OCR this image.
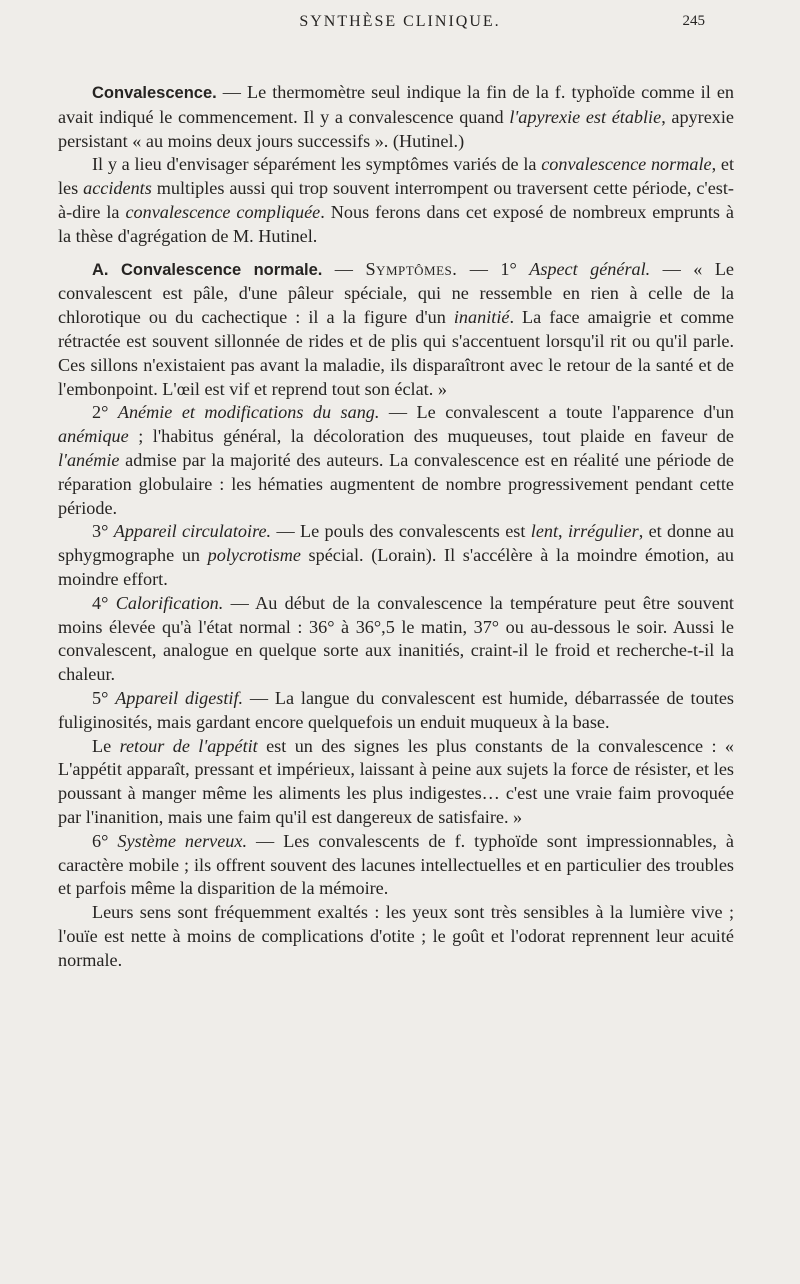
SYNTHÈSE CLINIQUE.	245

Convalescence. — Le thermomètre seul indique la fin de la f. typhoïde comme il en avait indiqué le commencement. Il y a convalescence quand l'apyrexie est établie, apyrexie persistant « au moins deux jours successifs ». (Hutinel.)

Il y a lieu d'envisager séparément les symptômes variés de la convalescence normale, et les accidents multiples aussi qui trop souvent interrompent ou traversent cette période, c'est-à-dire la convalescence compliquée. Nous ferons dans cet exposé de nombreux emprunts à la thèse d'agrégation de M. Hutinel.

A. Convalescence normale. — Symptômes. — 1° Aspect général. — « Le convalescent est pâle, d'une pâleur spéciale, qui ne ressemble en rien à celle de la chlorotique ou du cachectique : il a la figure d'un inanitié. La face amaigrie et comme rétractée est souvent sillonnée de rides et de plis qui s'accentuent lorsqu'il rit ou qu'il parle. Ces sillons n'existaient pas avant la maladie, ils disparaîtront avec le retour de la santé et de l'embonpoint. L'œil est vif et reprend tout son éclat. »

2° Anémie et modifications du sang. — Le convalescent a toute l'apparence d'un anémique ; l'habitus général, la décoloration des muqueuses, tout plaide en faveur de l'anémie admise par la majorité des auteurs. La convalescence est en réalité une période de réparation globulaire : les hématies augmentent de nombre progressivement pendant cette période.

3° Appareil circulatoire. — Le pouls des convalescents est lent, irrégulier, et donne au sphygmographe un polycrotisme spécial. (Lorain). Il s'accélère à la moindre émotion, au moindre effort.

4° Calorification. — Au début de la convalescence la température peut être souvent moins élevée qu'à l'état normal : 36° à 36°,5 le matin, 37° ou au-dessous le soir. Aussi le convalescent, analogue en quelque sorte aux inanitiés, craint-il le froid et recherche-t-il la chaleur.

5° Appareil digestif. — La langue du convalescent est humide, débarrassée de toutes fuliginosités, mais gardant encore quelquefois un enduit muqueux à la base.

Le retour de l'appétit est un des signes les plus constants de la convalescence : « L'appétit apparaît, pressant et impérieux, laissant à peine aux sujets la force de résister, et les poussant à manger même les aliments les plus indigestes… c'est une vraie faim provoquée par l'inanition, mais une faim qu'il est dangereux de satisfaire. »

6° Système nerveux. — Les convalescents de f. typhoïde sont impressionnables, à caractère mobile ; ils offrent souvent des lacunes intellectuelles et en particulier des troubles et parfois même la disparition de la mémoire.

Leurs sens sont fréquemment exaltés : les yeux sont très sensibles à la lumière vive ; l'ouïe est nette à moins de complications d'otite ; le goût et l'odorat reprennent leur acuité normale.
